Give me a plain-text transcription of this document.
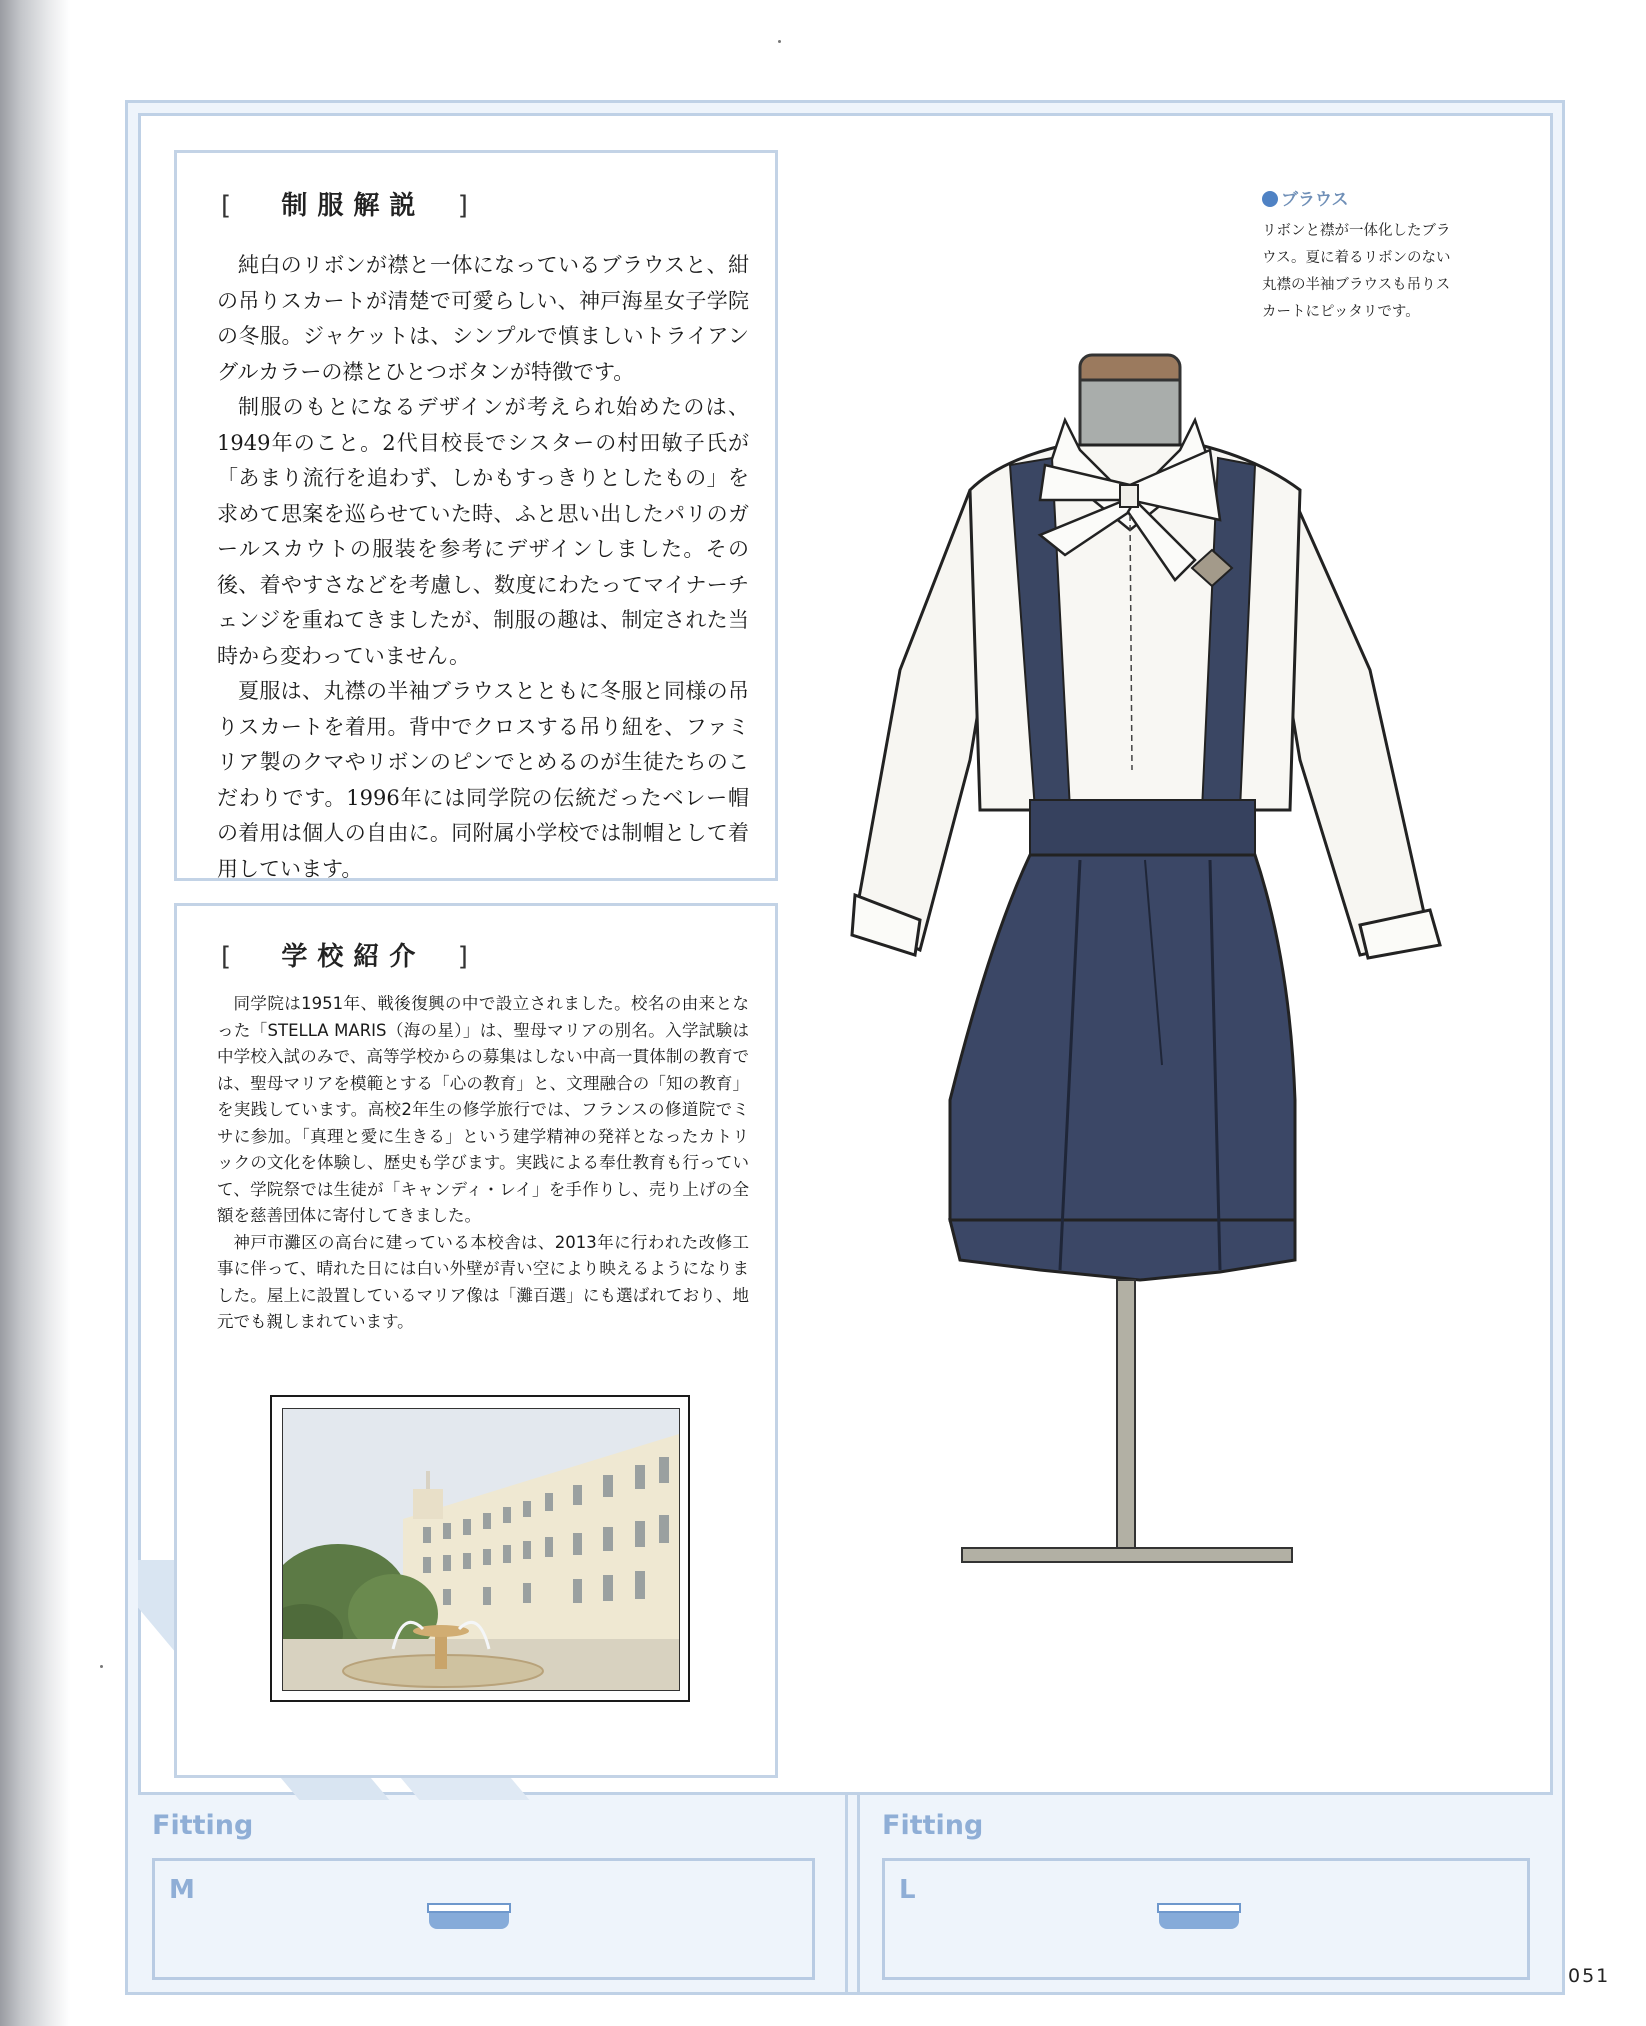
[ 制服解説 ]

純白のリボンが襟と一体になっているブラウスと、紺の吊りスカートが清楚で可愛らしい、神戸海星女子学院の冬服。ジャケットは、シンプルで慎ましいトライアングルカラーの襟とひとつボタンが特徴です。

制服のもとになるデザインが考えられ始めたのは、1949年のこと。2代目校長でシスターの村田敏子氏が「あまり流行を追わず、しかもすっきりとしたもの」を求めて思案を巡らせていた時、ふと思い出したパリのガールスカウトの服装を参考にデザインしました。その後、着やすさなどを考慮し、数度にわたってマイナーチェンジを重ねてきましたが、制服の趣は、制定された当時から変わっていません。

夏服は、丸襟の半袖ブラウスとともに冬服と同様の吊りスカートを着用。背中でクロスする吊り紐を、ファミリア製のクマやリボンのピンでとめるのが生徒たちのこだわりです。1996年には同学院の伝統だったベレー帽の着用は個人の自由に。同附属小学校では制帽として着用しています。

[ 学校紹介 ]

同学院は1951年、戦後復興の中で設立されました。校名の由来となった「STELLA MARIS（海の星）」は、聖母マリアの別名。入学試験は中学校入試のみで、高等学校からの募集はしない中高一貫体制の教育では、聖母マリアを模範とする「心の教育」と、文理融合の「知の教育」を実践しています。高校2年生の修学旅行では、フランスの修道院でミサに参加。「真理と愛に生きる」という建学精神の発祥となったカトリックの文化を体験し、歴史も学びます。実践による奉仕教育も行っていて、学院祭では生徒が「キャンディ・レイ」を手作りし、売り上げの全額を慈善団体に寄付してきました。

神戸市灘区の高台に建っている本校舎は、2013年に行われた改修工事に伴って、晴れた日には白い外壁が青い空により映えるようになりました。屋上に設置しているマリア像は「灘百選」にも選ばれており、地元でも親しまれています。

ブラウス
リボンと襟が一体化したブラウス。夏に着るリボンのない丸襟の半袖ブラウスも吊りスカートにピッタリです。
Fitting
M
Fitting
L
051
